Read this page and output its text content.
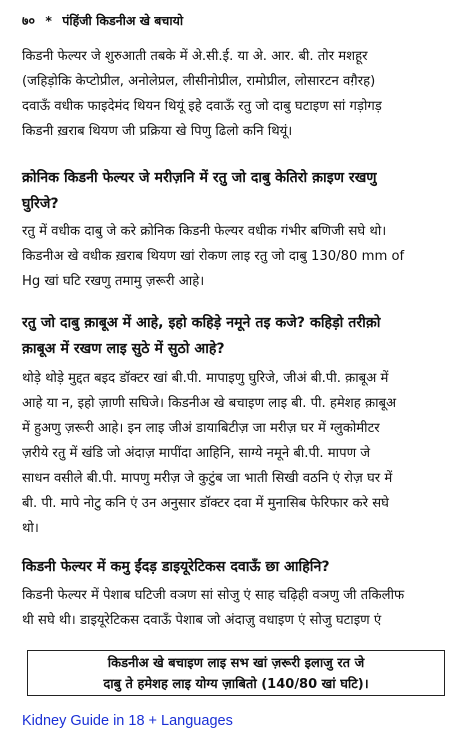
७० * पंहिंजी किडनीअ खे बचायो
किडनी फेल्यर जे शुरुआती तबके में अे.सी.ई. या अे. आर. बी. तोर मशहूर
(जहिड़ोकि केप्टोप्रील, अनोलेप्रल, लीसीनोप्रील, रामोप्रील, लोसारटन वग़ैरह)
दवाऊँ वधीक फाइदेमंद थियन थियूं इहे दवाऊँ रतु जो दाबु घटाइण सां गड़ोगड़
किडनी ख़राब थियण जी प्रक्रिया खे पिणु ढिलो कनि थियूं।
क्रोनिक किडनी फेल्यर जे मरीज़नि में रतु जो दाबु केतिरो क़ाइण रखणु
घुरिजे?
रतु में वधीक दाबु जे करे क्रोनिक किडनी फेल्यर वधीक गंभीर बणिजी सघे थो।
किडनीअ खे वधीक ख़राब थियण खां रोकण लाइ रतु जो दाबु 130/80 mm of
Hg खां घटि रखणु तमामु ज़रूरी आहे।
रतु जो दाबु क़ाबूअ में आहे, इहो कहिड़े नमूने तइ कजे? कहिड़ो तरीक़ो
क़ाबूअ में रखण लाइ सुठे में सुठो आहे?
थोड़े थोड़े मुद्दत बइद डॉक्टर खां बी.पी. मापाइणु घुरिजे, जीअं बी.पी. क़ाबूअ में
आहे या न, इहो ज़ाणी सघिजे। किडनीअ खे बचाइण लाइ बी. पी. हमेशह क़ाबूअ
में हुअणु ज़रूरी आहे। इन लाइ जीअं डायाबिटीज़ जा मरीज़ घर में ग्लुकोमीटर
ज़रीये रतु में खंडि जो अंदाज़ मापींदा आहिनि, साग्ये नमूने बी.पी. मापण जे
साधन वसीले बी.पी. मापणु मरीज़ जे कुटुंब जा भाती सिखी वठनि एं रोज़ घर में
बी. पी. मापे नोटु कनि एं उन अनुसार डॉक्टर दवा में मुनासिब फेरिफार करे सघे
थो।
किडनी फेल्यर में कमु ईंदड़ डाइयूरेटिकस दवाऊँ छा आहिनि?
किडनी फेल्यर में पेशाब घटिजी वञण सां सोजु एं साह चढ़िही वञणु जी तकिलीफ
थी सघे थी। डाइयूरेटिकस दवाऊँ पेशाब जो अंदाज़ु वधाइण एं सोजु घटाइण एं
किडनीअ खे बचाइण लाइ सभ खां ज़रूरी इलाजु रत जे
दाबु ते हमेशह लाइ योग्य ज़ाबितो (140/80 खां घटि)।
Kidney Guide in 18 + Languages
